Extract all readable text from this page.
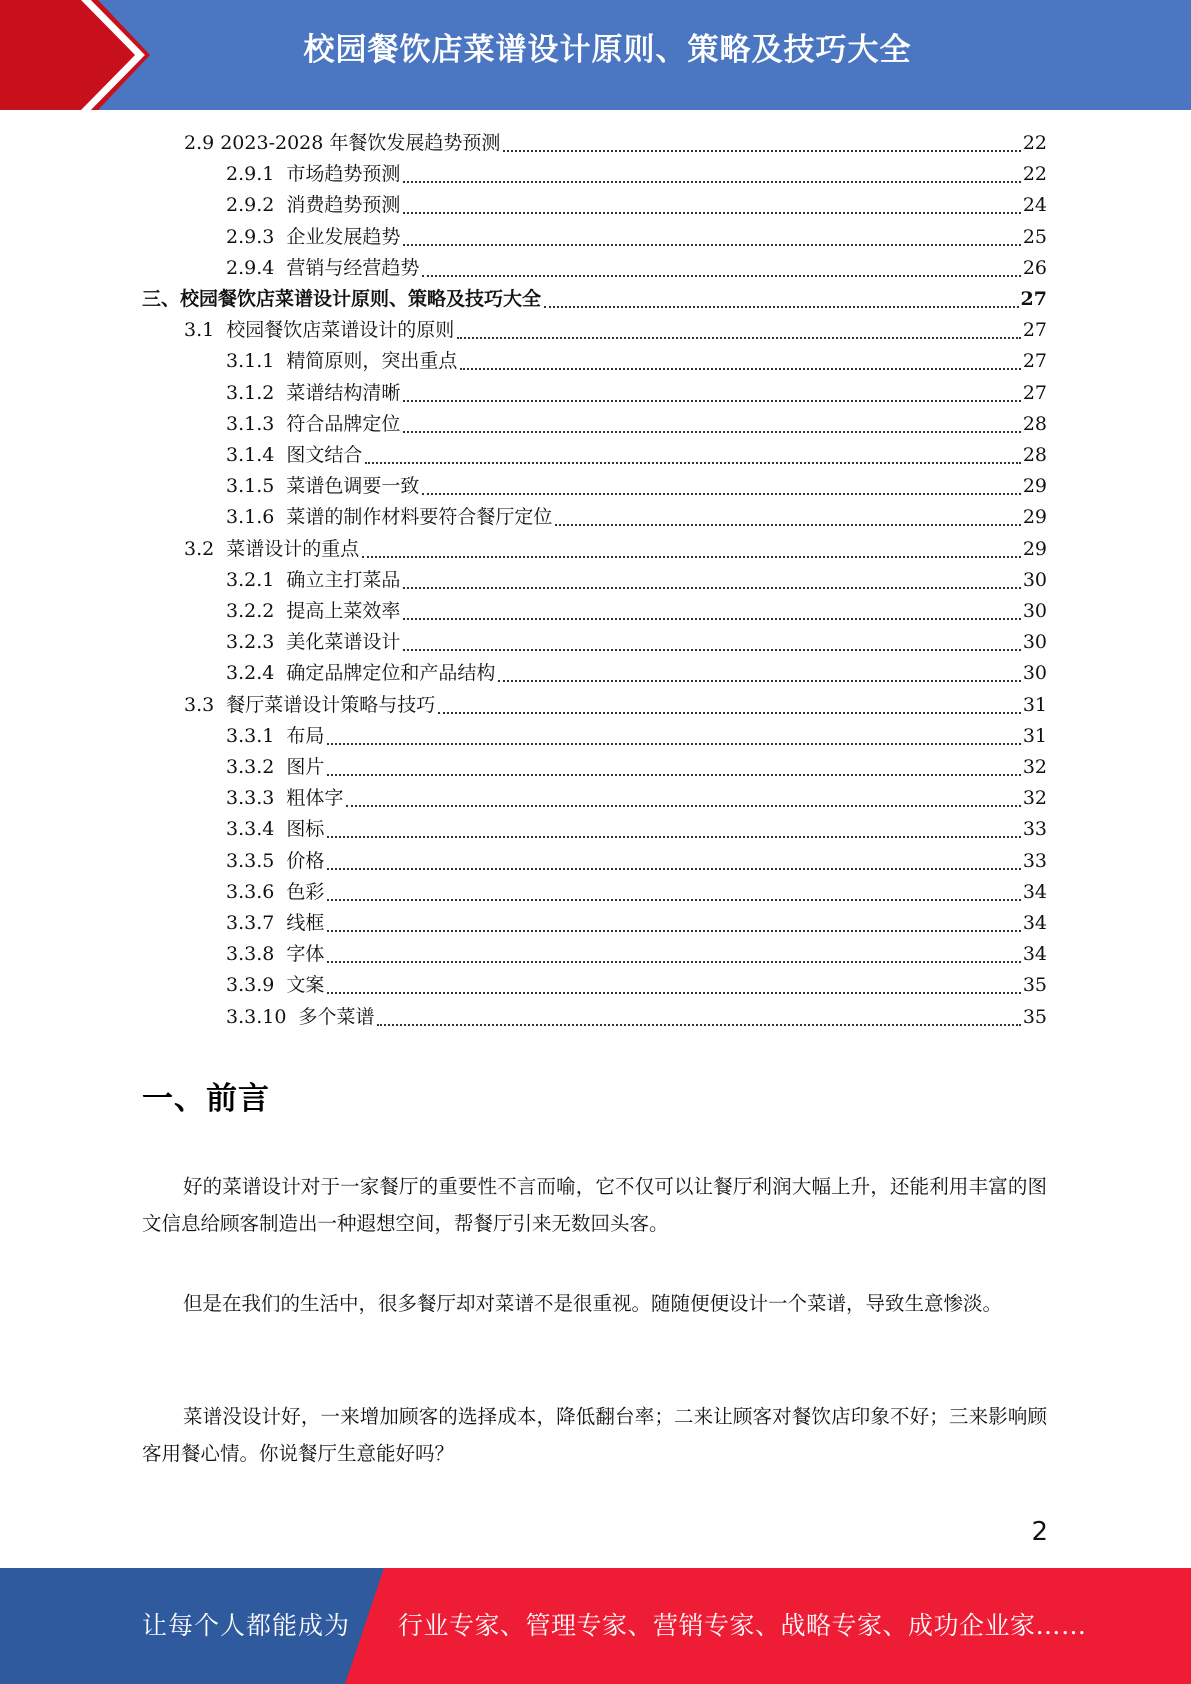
校园餐饮店菜谱设计原则、策略及技巧大全
2.9 2023-2028 年餐饮发展趋势预测	22
2.9.1 市场趋势预测	22
2.9.2 消费趋势预测	24
2.9.3 企业发展趋势	25
2.9.4 营销与经营趋势	26
三、 校园餐饮店菜谱设计原则、策略及技巧大全	27
3.1 校园餐饮店菜谱设计的原则	27
3.1.1 精简原则，突出重点	27
3.1.2 菜谱结构清晰	27
3.1.3 符合品牌定位	28
3.1.4 图文结合	28
3.1.5 菜谱色调要一致	29
3.1.6 菜谱的制作材料要符合餐厅定位	29
3.2 菜谱设计的重点	29
3.2.1 确立主打菜品	30
3.2.2 提高上菜效率	30
3.2.3 美化菜谱设计	30
3.2.4 确定品牌定位和产品结构	30
3.3 餐厅菜谱设计策略与技巧	31
3.3.1 布局	31
3.3.2 图片	32
3.3.3 粗体字	32
3.3.4 图标	33
3.3.5 价格	33
3.3.6 色彩	34
3.3.7 线框	34
3.3.8 字体	34
3.3.9 文案	35
3.3.10 多个菜谱	35
一、前言

好的菜谱设计对于一家餐厅的重要性不言而喻，它不仅可以让餐厅利润大幅上升，还能利用丰富的图文信息给顾客制造出一种遐想空间，帮餐厅引来无数回头客。

但是在我们的生活中，很多餐厅却对菜谱不是很重视。随随便便设计一个菜谱，导致生意惨淡。

菜谱没设计好，一来增加顾客的选择成本，降低翻台率；二来让顾客对餐饮店印象不好；三来影响顾客用餐心情。你说餐厅生意能好吗？

2
让每个人都能成为 行业专家、管理专家、营销专家、战略专家、成功企业家……
